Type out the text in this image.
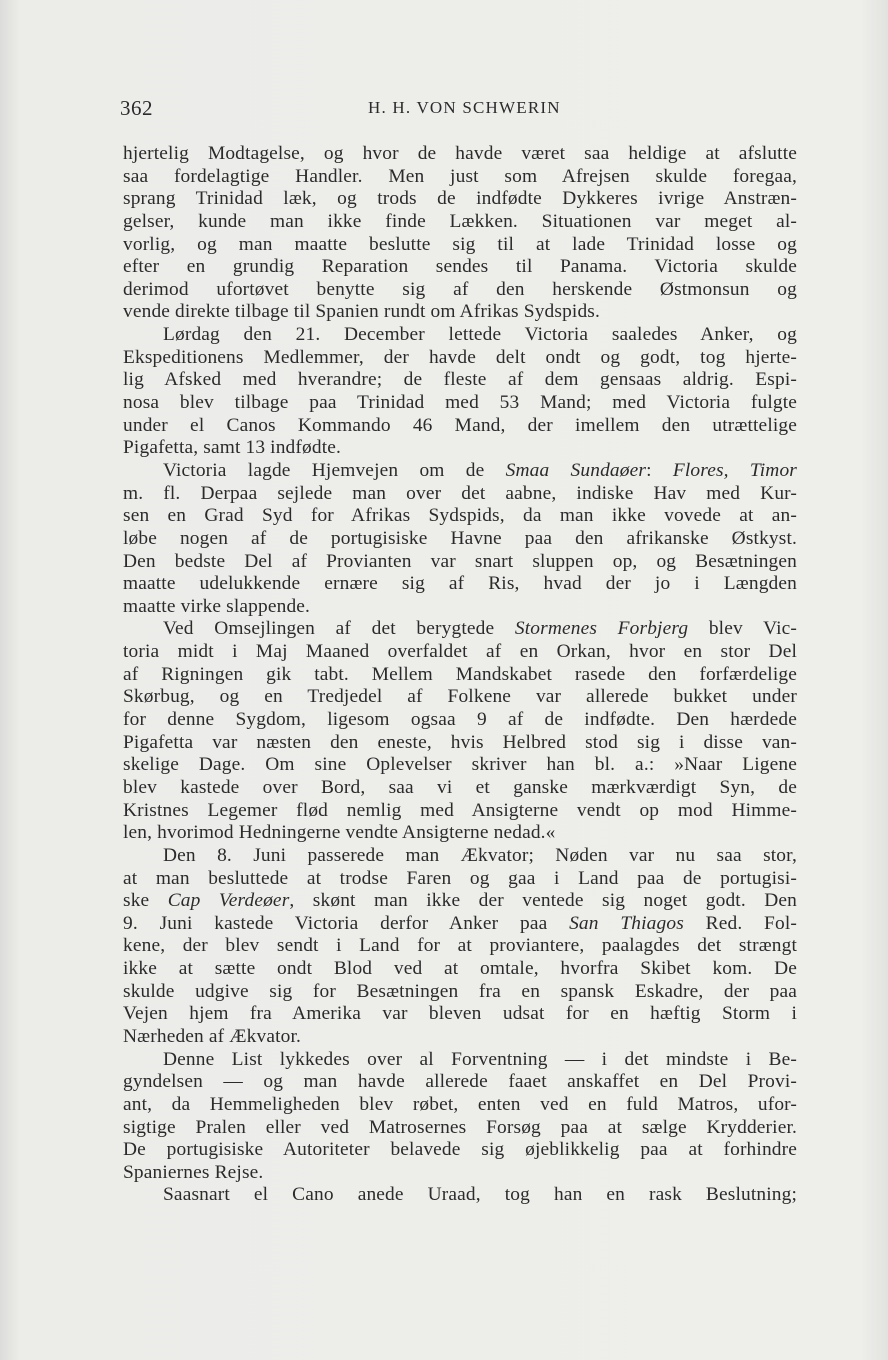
362	H. H. VON SCHWERIN
hjertelig Modtagelse, og hvor de havde været saa heldige at afslutte
saa fordelagtige Handler. Men just som Afrejsen skulde foregaa,
sprang Trinidad læk, og trods de indfødte Dykkeres ivrige Anstræn-
gelser, kunde man ikke finde Lækken. Situationen var meget al-
vorlig, og man maatte beslutte sig til at lade Trinidad losse og
efter en grundig Reparation sendes til Panama. Victoria skulde
derimod ufortøvet benytte sig af den herskende Østmonsun og
vende direkte tilbage til Spanien rundt om Afrikas Sydspids.
Lørdag den 21. December lettede Victoria saaledes Anker, og
Ekspeditionens Medlemmer, der havde delt ondt og godt, tog hjerte-
lig Afsked med hverandre; de fleste af dem gensaas aldrig. Espi-
nosa blev tilbage paa Trinidad med 53 Mand; med Victoria fulgte
under el Canos Kommando 46 Mand, der imellem den utrættelige
Pigafetta, samt 13 indfødte.
Victoria lagde Hjemvejen om de Smaa Sundaøer: Flores, Timor
m. fl. Derpaa sejlede man over det aabne, indiske Hav med Kur-
sen en Grad Syd for Afrikas Sydspids, da man ikke vovede at an-
løbe nogen af de portugisiske Havne paa den afrikanske Østkyst.
Den bedste Del af Provianten var snart sluppen op, og Besætningen
maatte udelukkende ernære sig af Ris, hvad der jo i Længden
maatte virke slappende.
Ved Omsejlingen af det berygtede Stormenes Forbjerg blev Vic-
toria midt i Maj Maaned overfaldet af en Orkan, hvor en stor Del
af Rigningen gik tabt. Mellem Mandskabet rasede den forfærdelige
Skørbug, og en Tredjedel af Folkene var allerede bukket under
for denne Sygdom, ligesom ogsaa 9 af de indfødte. Den hærdede
Pigafetta var næsten den eneste, hvis Helbred stod sig i disse van-
skelige Dage. Om sine Oplevelser skriver han bl. a.: »Naar Ligene
blev kastede over Bord, saa vi et ganske mærkværdigt Syn, de
Kristnes Legemer flød nemlig med Ansigterne vendt op mod Himme-
len, hvorimod Hedningerne vendte Ansigterne nedad.«
Den 8. Juni passerede man Ækvator; Nøden var nu saa stor,
at man besluttede at trodse Faren og gaa i Land paa de portugisi-
ske Cap Verdeøer, skønt man ikke der ventede sig noget godt. Den
9. Juni kastede Victoria derfor Anker paa San Thiagos Red. Fol-
kene, der blev sendt i Land for at proviantere, paalagdes det strængt
ikke at sætte ondt Blod ved at omtale, hvorfra Skibet kom. De
skulde udgive sig for Besætningen fra en spansk Eskadre, der paa
Vejen hjem fra Amerika var bleven udsat for en hæftig Storm i
Nærheden af Ækvator.
Denne List lykkedes over al Forventning — i det mindste i Be-
gyndelsen — og man havde allerede faaet anskaffet en Del Provi-
ant, da Hemmeligheden blev røbet, enten ved en fuld Matros, ufor-
sigtige Pralen eller ved Matrosernes Forsøg paa at sælge Krydderier.
De portugisiske Autoriteter belavede sig øjeblikkelig paa at forhindre
Spaniernes Rejse.
Saasnart el Cano anede Uraad, tog han en rask Beslutning;
